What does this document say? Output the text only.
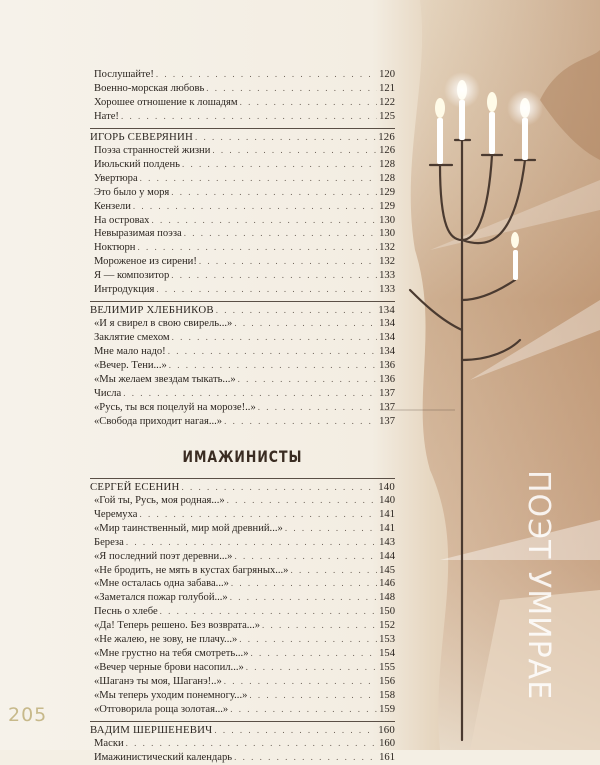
Послушайте! . . .	120
Военно-морская любовь . . .	121
Хорошее отношение к лошадям . . .	122
Нате! . . .	125
ИГОРЬ СЕВЕРЯНИН . . .	126
Поэза странностей жизни . . .	126
Июльский полдень . . .	128
Увертюра . . .	128
Это было у моря . . .	129
Кензели . . .	129
На островах . . .	130
Невыразимая поэза . . .	130
Ноктюрн . . .	132
Мороженое из сирени! . . .	132
Я — композитор . . .	133
Интродукция . . .	133
ВЕЛИМИР ХЛЕБНИКОВ . . .	134
«И я свирел в свою свирель...» . . .	134
Заклятие смехом . . .	134
Мне мало надо! . . .	134
«Вечер. Тени...» . . .	136
«Мы желаем звездам тыкать...» . . .	136
Числа . . .	137
«Русь, ты вся поцелуй на морозе!..» . . .	137
«Свобода приходит нагая...» . . .	137
ИМАЖИНИСТЫ
СЕРГЕЙ ЕСЕНИН . . .	140
«Гой ты, Русь, моя родная...» . . .	140
Черемуха . . .	141
«Мир таинственный, мир мой древний...» . . .	141
Береза . . .	143
«Я последний поэт деревни...» . . .	144
«Не бродить, не мять в кустах багряных...» . . .	145
«Мне осталась одна забава...» . . .	146
«Заметался пожар голубой...» . . .	148
Песнь о хлебе . . .	150
«Да! Теперь решено. Без возврата...» . . .	152
«Не жалею, не зову, не плачу...» . . .	153
«Мне грустно на тебя смотреть...» . . .	154
«Вечер черные брови насопил...» . . .	155
«Шаганэ ты моя, Шаганэ!..» . . .	156
«Мы теперь уходим понемногу...» . . .	158
«Отговорила роща золотая...» . . .	159
ВАДИМ ШЕРШЕНЕВИЧ . . .	160
Маски . . .	160
Имажинистический календарь . . .	161
205
ПОЭТ УМИРАЕ
